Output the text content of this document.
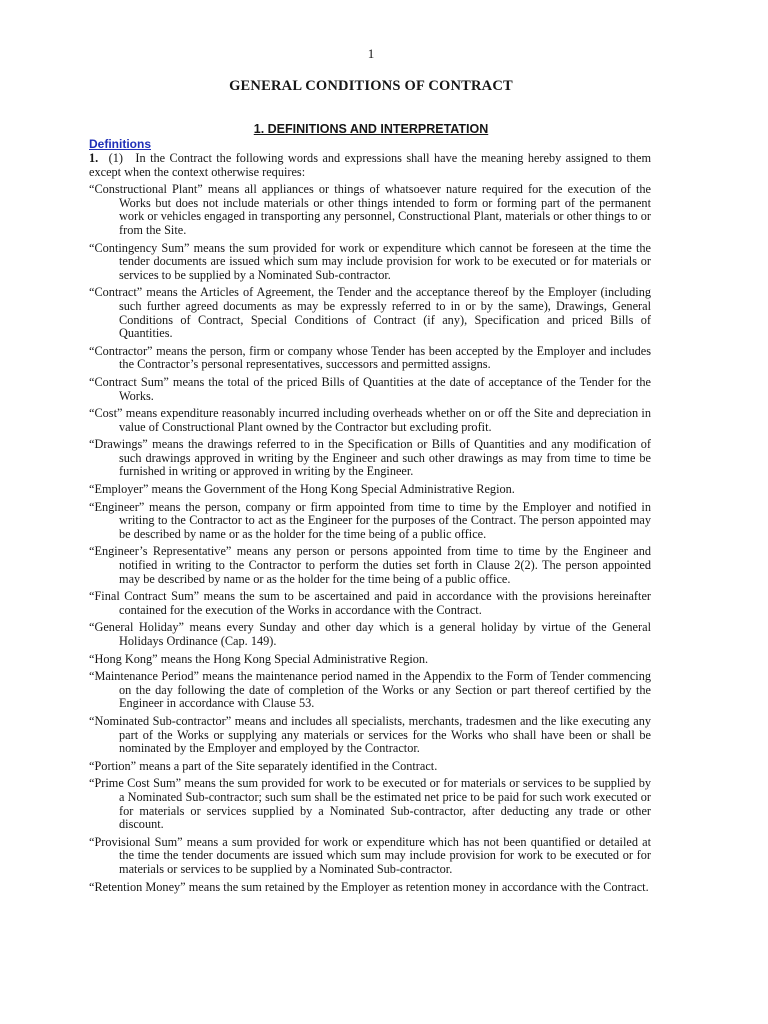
1
GENERAL CONDITIONS OF CONTRACT
1. DEFINITIONS AND INTERPRETATION
Definitions

1. (1) In the Contract the following words and expressions shall have the meaning hereby assigned to them except when the context otherwise requires:

“Constructional Plant” means all appliances or things of whatsoever nature required for the execution of the Works but does not include materials or other things intended to form or forming part of the permanent work or vehicles engaged in transporting any personnel, Constructional Plant, materials or other things to or from the Site.

“Contingency Sum” means the sum provided for work or expenditure which cannot be foreseen at the time the tender documents are issued which sum may include provision for work to be executed or for materials or services to be supplied by a Nominated Sub-contractor.

“Contract” means the Articles of Agreement, the Tender and the acceptance thereof by the Employer (including such further agreed documents as may be expressly referred to in or by the same), Drawings, General Conditions of Contract, Special Conditions of Contract (if any), Specification and priced Bills of Quantities.

“Contractor” means the person, firm or company whose Tender has been accepted by the Employer and includes the Contractor’s personal representatives, successors and permitted assigns.

“Contract Sum” means the total of the priced Bills of Quantities at the date of acceptance of the Tender for the Works.

“Cost” means expenditure reasonably incurred including overheads whether on or off the Site and depreciation in value of Constructional Plant owned by the Contractor but excluding profit.

“Drawings” means the drawings referred to in the Specification or Bills of Quantities and any modification of such drawings approved in writing by the Engineer and such other drawings as may from time to time be furnished in writing or approved in writing by the Engineer.

“Employer” means the Government of the Hong Kong Special Administrative Region.

“Engineer” means the person, company or firm appointed from time to time by the Employer and notified in writing to the Contractor to act as the Engineer for the purposes of the Contract. The person appointed may be described by name or as the holder for the time being of a public office.

“Engineer’s Representative” means any person or persons appointed from time to time by the Engineer and notified in writing to the Contractor to perform the duties set forth in Clause 2(2). The person appointed may be described by name or as the holder for the time being of a public office.

“Final Contract Sum” means the sum to be ascertained and paid in accordance with the provisions hereinafter contained for the execution of the Works in accordance with the Contract.

“General Holiday” means every Sunday and other day which is a general holiday by virtue of the General Holidays Ordinance (Cap. 149).

“Hong Kong” means the Hong Kong Special Administrative Region.

“Maintenance Period” means the maintenance period named in the Appendix to the Form of Tender commencing on the day following the date of completion of the Works or any Section or part thereof certified by the Engineer in accordance with Clause 53.

“Nominated Sub-contractor” means and includes all specialists, merchants, tradesmen and the like executing any part of the Works or supplying any materials or services for the Works who shall have been or shall be nominated by the Employer and employed by the Contractor.

“Portion” means a part of the Site separately identified in the Contract.

“Prime Cost Sum” means the sum provided for work to be executed or for materials or services to be supplied by a Nominated Sub-contractor; such sum shall be the estimated net price to be paid for such work executed or for materials or services supplied by a Nominated Sub-contractor, after deducting any trade or other discount.

“Provisional Sum” means a sum provided for work or expenditure which has not been quantified or detailed at the time the tender documents are issued which sum may include provision for work to be executed or for materials or services to be supplied by a Nominated Sub-contractor.

“Retention Money” means the sum retained by the Employer as retention money in accordance with the Contract.
